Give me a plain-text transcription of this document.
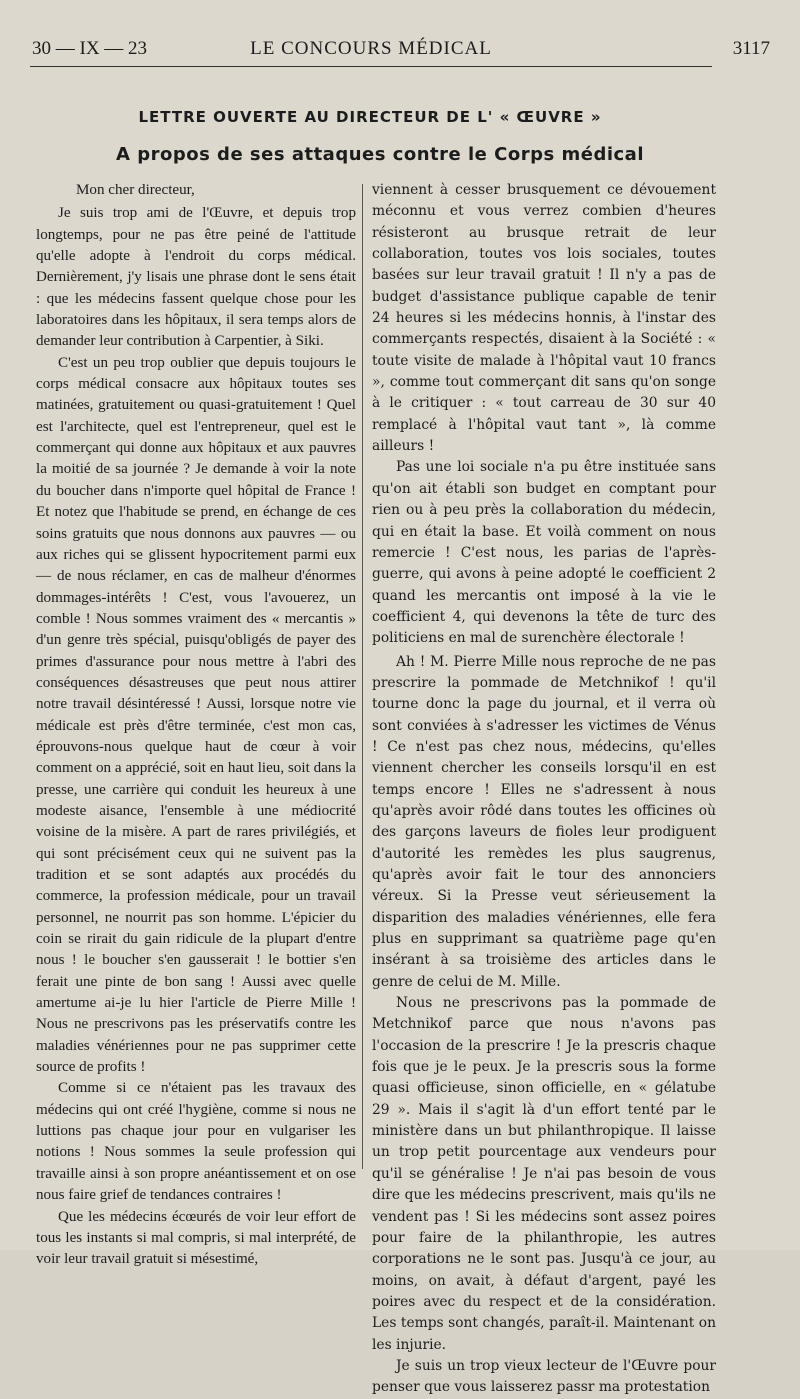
30 — IX — 23	LE CONCOURS MÉDICAL	3117
LETTRE OUVERTE AU DIRECTEUR DE L' « ŒUVRE »
A propos de ses attaques contre le Corps médical

Mon cher directeur,

Je suis trop ami de l'Œuvre, et depuis trop longtemps, pour ne pas être peiné de l'attitude qu'elle adopte à l'endroit du corps médical. Dernièrement, j'y lisais une phrase dont le sens était : que les médecins fassent quelque chose pour les laboratoires dans les hôpitaux, il sera temps alors de demander leur contribution à Carpentier, à Siki.

C'est un peu trop oublier que depuis toujours le corps médical consacre aux hôpitaux toutes ses matinées, gratuitement ou quasi-gratuitement ! Quel est l'architecte, quel est l'entrepreneur, quel est le commerçant qui donne aux hôpitaux et aux pauvres la moitié de sa journée ? Je demande à voir la note du boucher dans n'importe quel hôpital de France ! Et notez que l'habitude se prend, en échange de ces soins gratuits que nous donnons aux pauvres — ou aux riches qui se glissent hypocritement parmi eux — de nous réclamer, en cas de malheur d'énormes dommages-intérêts ! C'est, vous l'avouerez, un comble ! Nous sommes vraiment des « mercantis » d'un genre très spécial, puisqu'obligés de payer des primes d'assurance pour nous mettre à l'abri des conséquences désastreuses que peut nous attirer notre travail désintéressé ! Aussi, lorsque notre vie médicale est près d'être terminée, c'est mon cas, éprouvons-nous quelque haut de cœur à voir comment on a apprécié, soit en haut lieu, soit dans la presse, une carrière qui conduit les heureux à une modeste aisance, l'ensemble à une médiocrité voisine de la misère. A part de rares privilégiés, et qui sont précisément ceux qui ne suivent pas la tradition et se sont adaptés aux procédés du commerce, la profession médicale, pour un travail personnel, ne nourrit pas son homme. L'épicier du coin se rirait du gain ridicule de la plupart d'entre nous ! le boucher s'en gausserait ! le bottier s'en ferait une pinte de bon sang ! Aussi avec quelle amertume ai-je lu hier l'article de Pierre Mille ! Nous ne prescrivons pas les préservatifs contre les maladies vénériennes pour ne pas supprimer cette source de profits !

Comme si ce n'étaient pas les travaux des médecins qui ont créé l'hygiène, comme si nous ne luttions pas chaque jour pour en vulgariser les notions ! Nous sommes la seule profession qui travaille ainsi à son propre anéantissement et on ose nous faire grief de tendances contraires !

Que les médecins écœurés de voir leur effort de tous les instants si mal compris, si mal interprété, de voir leur travail gratuit si mésestimé,

viennent à cesser brusquement ce dévouement méconnu et vous verrez combien d'heures résisteront au brusque retrait de leur collaboration, toutes vos lois sociales, toutes basées sur leur travail gratuit ! Il n'y a pas de budget d'assistance publique capable de tenir 24 heures si les médecins honnis, à l'instar des commerçants respectés, disaient à la Société : « toute visite de malade à l'hôpital vaut 10 francs », comme tout commerçant dit sans qu'on songe à le critiquer : « tout carreau de 30 sur 40 remplacé à l'hôpital vaut tant », là comme ailleurs !

Pas une loi sociale n'a pu être instituée sans qu'on ait établi son budget en comptant pour rien ou à peu près la collaboration du médecin, qui en était la base. Et voilà comment on nous remercie ! C'est nous, les parias de l'après-guerre, qui avons à peine adopté le coefficient 2 quand les mercantis ont imposé à la vie le coefficient 4, qui devenons la tête de turc des politiciens en mal de surenchère électorale !

Ah ! M. Pierre Mille nous reproche de ne pas prescrire la pommade de Metchnikof ! qu'il tourne donc la page du journal, et il verra où sont conviées à s'adresser les victimes de Vénus ! Ce n'est pas chez nous, médecins, qu'elles viennent chercher les conseils lorsqu'il en est temps encore ! Elles ne s'adressent à nous qu'après avoir rôdé dans toutes les officines où des garçons laveurs de fioles leur prodiguent d'autorité les remèdes les plus saugrenus, qu'après avoir fait le tour des annonciers véreux. Si la Presse veut sérieusement la disparition des maladies vénériennes, elle fera plus en supprimant sa quatrième page qu'en insérant à sa troisième des articles dans le genre de celui de M. Mille.

Nous ne prescrivons pas la pommade de Metchnikof parce que nous n'avons pas l'occasion de la prescrire ! Je la prescris chaque fois que je le peux. Je la prescris sous la forme quasi officieuse, sinon officielle, en « gélatube 29 ». Mais il s'agit là d'un effort tenté par le ministère dans un but philanthropique. Il laisse un trop petit pourcentage aux vendeurs pour qu'il se généralise ! Je n'ai pas besoin de vous dire que les médecins prescrivent, mais qu'ils ne vendent pas ! Si les médecins sont assez poires pour faire de la philanthropie, les autres corporations ne le sont pas. Jusqu'à ce jour, au moins, on avait, à défaut d'argent, payé les poires avec du respect et de la considération. Les temps sont changés, paraît-il. Maintenant on les injurie.

Je suis un trop vieux lecteur de l'Œuvre pour penser que vous laisserez passr ma protestation
